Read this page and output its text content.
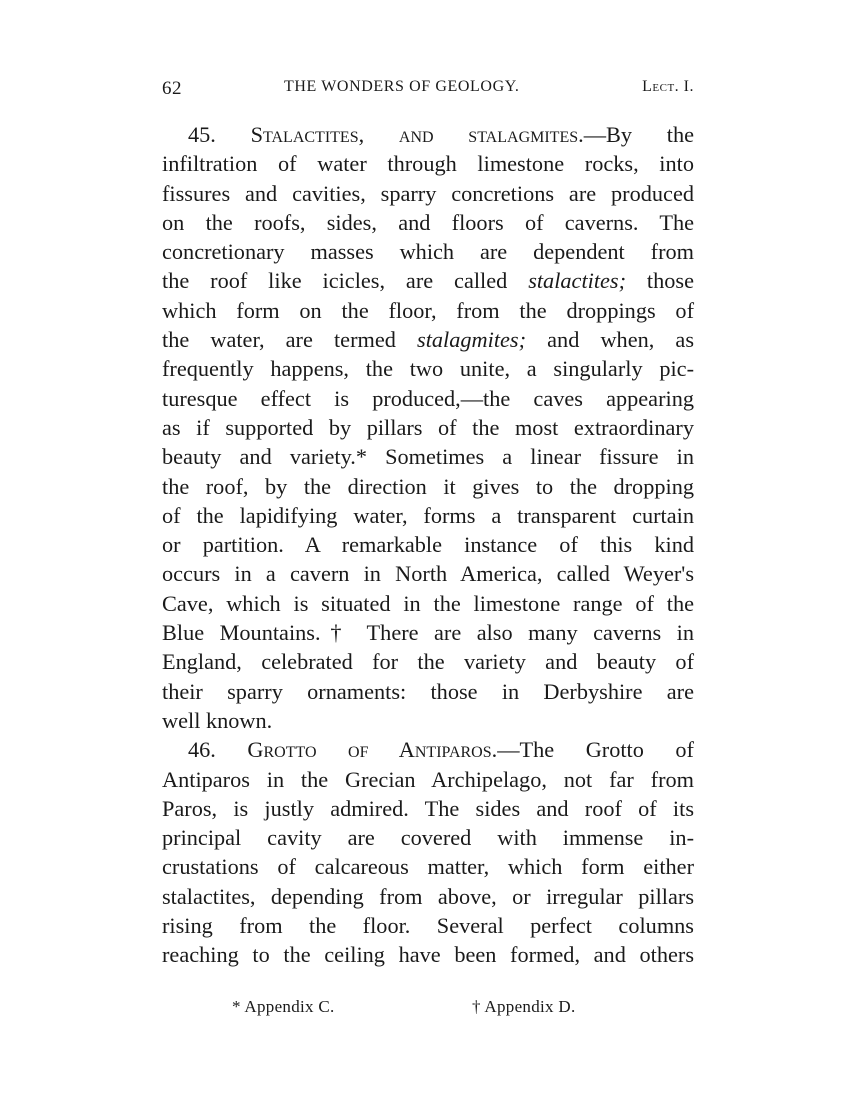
62	THE WONDERS OF GEOLOGY.	Lect. I.
45. Stalactites, and stalagmites.—By the
infiltration of water through limestone rocks, into
fissures and cavities, sparry concretions are produced
on the roofs, sides, and floors of caverns. The
concretionary masses which are dependent from
the roof like icicles, are called stalactites; those
which form on the floor, from the droppings of
the water, are termed stalagmites; and when, as
frequently happens, the two unite, a singularly pic-
turesque effect is produced,—the caves appearing
as if supported by pillars of the most extraordinary
beauty and variety.* Sometimes a linear fissure in
the roof, by the direction it gives to the dropping
of the lapidifying water, forms a transparent curtain
or partition. A remarkable instance of this kind
occurs in a cavern in North America, called Weyer's
Cave, which is situated in the limestone range of the
Blue Mountains.† There are also many caverns in
England, celebrated for the variety and beauty of
their sparry ornaments: those in Derbyshire are
well known.
46. Grotto of Antiparos.—The Grotto of
Antiparos in the Grecian Archipelago, not far from
Paros, is justly admired. The sides and roof of its
principal cavity are covered with immense in-
crustations of calcareous matter, which form either
stalactites, depending from above, or irregular pillars
rising from the floor. Several perfect columns
reaching to the ceiling have been formed, and others
* Appendix C.	† Appendix D.
